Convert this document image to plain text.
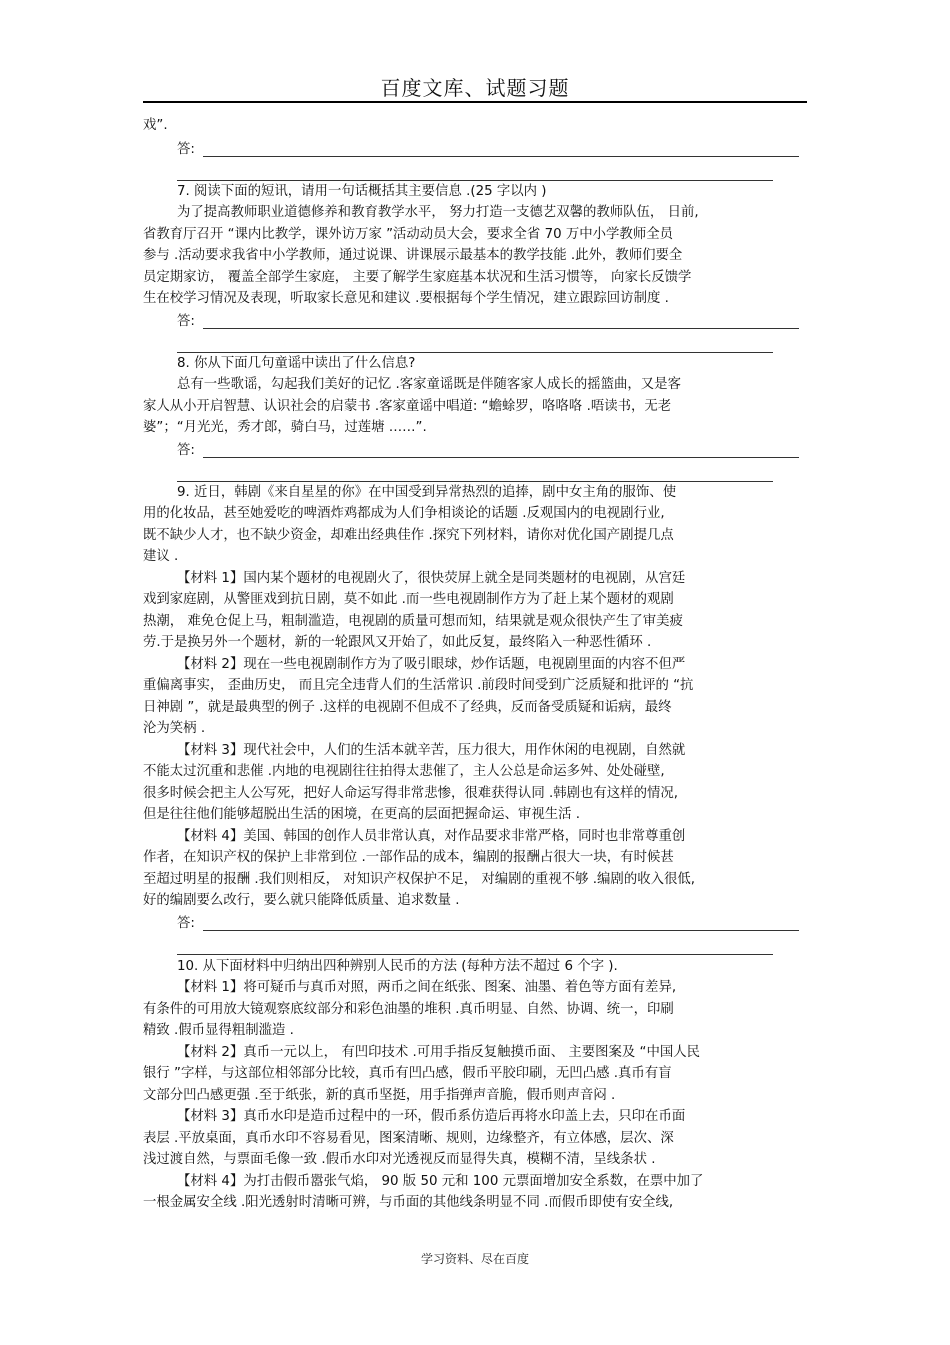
百度文库、试题习题
答:
答:
答:
答:
戏”.
7. 阅读下面的短讯，请用一句话概括其主要信息 .(25 字以内 )
为了提高教师职业道德修养和教育教学水平， 努力打造一支德艺双馨的教师队伍， 日前,
省教育厅召开 “课内比教学，课外访万家 ”活动动员大会，要求全省 70 万中小学教师全员
参与 .活动要求我省中小学教师，通过说课、讲课展示最基本的教学技能 .此外，教师们要全
员定期家访， 覆盖全部学生家庭， 主要了解学生家庭基本状况和生活习惯等， 向家长反馈学
生在校学习情况及表现，听取家长意见和建议 .要根据每个学生情况，建立跟踪回访制度 .
8. 你从下面几句童谣中读出了什么信息?
总有一些歌谣，勾起我们美好的记忆 .客家童谣既是伴随客家人成长的摇篮曲，又是客
家人从小开启智慧、认识社会的启蒙书 .客家童谣中唱道: “蟾蜍罗，咯咯咯 .唔读书，无老
婆”；“月光光，秀才郎，骑白马，过莲塘 ……”.
9. 近日，韩剧《来自星星的你》在中国受到异常热烈的追捧，剧中女主角的服饰、使
用的化妆品，甚至她爱吃的啤酒炸鸡都成为人们争相谈论的话题 .反观国内的电视剧行业,
既不缺少人才，也不缺少资金，却难出经典佳作 .探究下列材料，请你对优化国产剧提几点
建议 .
【材料 1】国内某个题材的电视剧火了，很快荧屏上就全是同类题材的电视剧，从宫廷
戏到家庭剧，从警匪戏到抗日剧，莫不如此 .而一些电视剧制作方为了赶上某个题材的观剧
热潮， 难免仓促上马，粗制滥造，电视剧的质量可想而知，结果就是观众很快产生了审美疲
劳.于是换另外一个题材，新的一轮跟风又开始了，如此反复，最终陷入一种恶性循环 .
【材料 2】现在一些电视剧制作方为了吸引眼球，炒作话题，电视剧里面的内容不但严
重偏离事实， 歪曲历史， 而且完全违背人们的生活常识 .前段时间受到广泛质疑和批评的 “抗
日神剧 ”，就是最典型的例子 .这样的电视剧不但成不了经典，反而备受质疑和诟病，最终
沦为笑柄 .
【材料 3】现代社会中，人们的生活本就辛苦，压力很大，用作休闲的电视剧，自然就
不能太过沉重和悲催 .内地的电视剧往往拍得太悲催了，主人公总是命运多舛、处处碰壁,
很多时候会把主人公写死，把好人命运写得非常悲惨，很难获得认同 .韩剧也有这样的情况,
但是往往他们能够超脱出生活的困境，在更高的层面把握命运、审视生活 .
【材料 4】美国、韩国的创作人员非常认真，对作品要求非常严格，同时也非常尊重创
作者，在知识产权的保护上非常到位 .一部作品的成本，编剧的报酬占很大一块，有时候甚
至超过明星的报酬 .我们则相反， 对知识产权保护不足， 对编剧的重视不够 .编剧的收入很低,
好的编剧要么改行，要么就只能降低质量、追求数量 .
10. 从下面材料中归纳出四种辨别人民币的方法 (每种方法不超过 6 个字 ).
【材料 1】将可疑币与真币对照，两币之间在纸张、图案、油墨、着色等方面有差异,
有条件的可用放大镜观察底纹部分和彩色油墨的堆积 .真币明显、自然、协调、统一，印刷
精致 .假币显得粗制滥造 .
【材料 2】真币一元以上， 有凹印技术 .可用手指反复触摸币面、 主要图案及 “中国人民
银行 ”字样，与这部位相邻部分比较，真币有凹凸感，假币平胶印刷，无凹凸感 .真币有盲
文部分凹凸感更强 .至于纸张，新的真币坚挺，用手指弹声音脆，假币则声音闷 .
【材料 3】真币水印是造币过程中的一环，假币系仿造后再将水印盖上去，只印在币面
表层 .平放桌面，真币水印不容易看见，图案清晰、规则，边缘整齐，有立体感，层次、深
浅过渡自然，与票面毛像一致 .假币水印对光透视反而显得失真，模糊不清，呈线条状 .
【材料 4】为打击假币嚣张气焰， 90 版 50 元和 100 元票面增加安全系数，在票中加了
一根金属安全线 .阳光透射时清晰可辨，与币面的其他线条明显不同 .而假币即使有安全线,
学习资料、尽在百度
